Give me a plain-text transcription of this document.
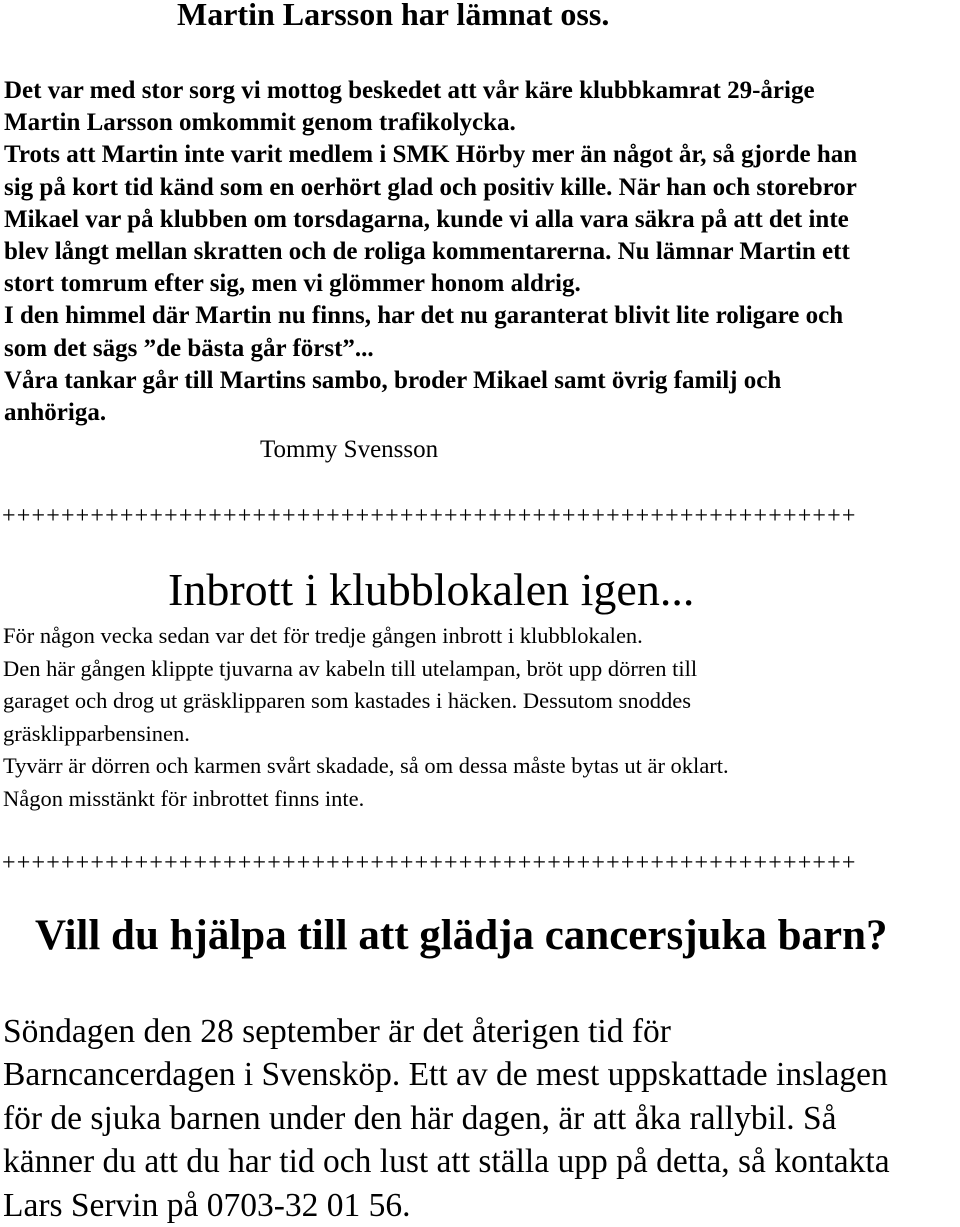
Martin Larsson har lämnat oss.
Det var med stor sorg vi mottog beskedet att vår käre klubbkamrat 29-årige
Martin Larsson omkommit genom trafikolycka.
Trots att Martin inte varit medlem i SMK Hörby mer än något år, så gjorde han
sig på kort tid känd som en oerhört glad och positiv kille. När han och storebror
Mikael var på klubben om torsdagarna, kunde vi alla vara säkra på att det inte
blev långt mellan skratten och de roliga kommentarerna. Nu lämnar Martin ett
stort tomrum efter sig, men vi glömmer honom aldrig.
I den himmel där Martin nu finns, har det nu garanterat blivit lite roligare och
som det sägs ”de bästa går först”...
Våra tankar går till Martins sambo, broder Mikael samt övrig familj och
anhöriga.
Tommy Svensson
++++++++++++++++++++++++++++++++++++++++++++++++++++++++++
Inbrott i klubblokalen igen...
För någon vecka sedan var det för tredje gången inbrott i klubblokalen.
Den här gången klippte tjuvarna av kabeln till utelampan, bröt upp dörren till
garaget och drog ut gräsklipparen som kastades i häcken. Dessutom snoddes
gräsklipparbensinen.
Tyvärr är dörren och karmen svårt skadade, så om dessa måste bytas ut är oklart.
Någon misstänkt för inbrottet finns inte.
++++++++++++++++++++++++++++++++++++++++++++++++++++++++++
Vill du hjälpa till att glädja cancersjuka barn?
Söndagen den 28 september är det återigen tid för
Barncancerdagen i Svensköp. Ett av de mest uppskattade inslagen
för de sjuka barnen under den här dagen, är att åka rallybil. Så
känner du att du har tid och lust att ställa upp på detta, så kontakta
Lars Servin på 0703-32 01 56.
